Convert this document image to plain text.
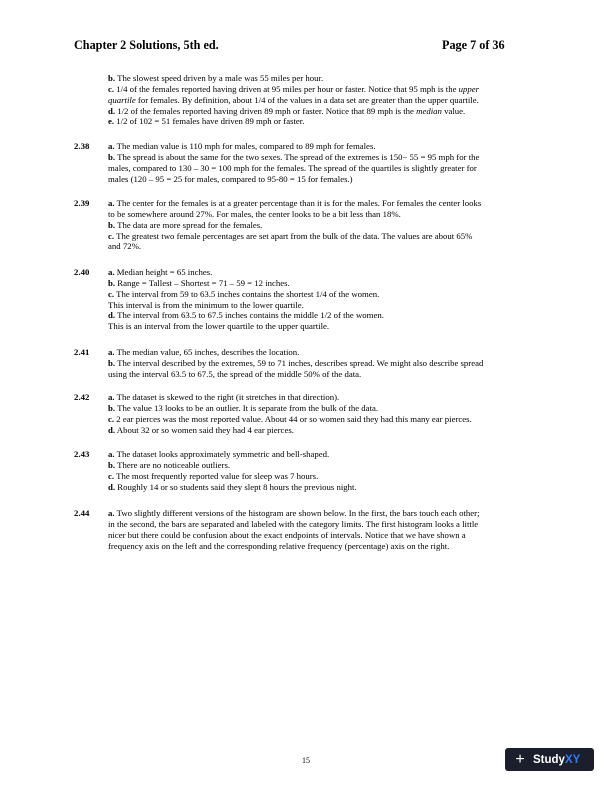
Chapter 2 Solutions, 5th ed.	Page 7 of 36

b. The slowest speed driven by a male was 55 miles per hour.

c. 1/4 of the females reported having driven at 95 miles per hour or faster. Notice that 95 mph is the upper

quartile for females. By definition, about 1/4 of the values in a data set are greater than the upper quartile.

d. 1/2 of the females reported having driven 89 mph or faster. Notice that 89 mph is the median value.

e. 1/2 of 102 = 51 females have driven 89 mph or faster.

2.38	a. The median value is 110 mph for males, compared to 89 mph for females.

b. The spread is about the same for the two sexes. The spread of the extremes is 150− 55 = 95 mph for the

males, compared to 130 – 30 = 100 mph for the females. The spread of the quartiles is slightly greater for

males (120 – 95 = 25 for males, compared to 95-80 = 15 for females.)

2.39	a. The center for the females is at a greater percentage than it is for the males. For females the center looks

to be somewhere around 27%. For males, the center looks to be a bit less than 18%.

b. The data are more spread for the females.

c. The greatest two female percentages are set apart from the bulk of the data. The values are about 65%

and 72%.

2.40	a. Median height = 65 inches.

b. Range = Tallest – Shortest = 71 – 59 = 12 inches.

c. The interval from 59 to 63.5 inches contains the shortest 1/4 of the women.

This interval is from the minimum to the lower quartile.

d. The interval from 63.5 to 67.5 inches contains the middle 1/2 of the women.

This is an interval from the lower quartile to the upper quartile.

2.41	a. The median value, 65 inches, describes the location.

b. The interval described by the extremes, 59 to 71 inches, describes spread. We might also describe spread

using the interval 63.5 to 67.5, the spread of the middle 50% of the data.

2.42	a. The dataset is skewed to the right (it stretches in that direction).

b. The value 13 looks to be an outlier. It is separate from the bulk of the data.

c. 2 ear pierces was the most reported value. About 44 or so women said they had this many ear pierces.

d. About 32 or so women said they had 4 ear pierces.

2.43	a. The dataset looks approximately symmetric and bell-shaped.

b. There are no noticeable outliers.

c. The most frequently reported value for sleep was 7 hours.

d. Roughly 14 or so students said they slept 8 hours the previous night.

2.44	a. Two slightly different versions of the histogram are shown below. In the first, the bars touch each other;

in the second, the bars are separated and labeled with the category limits. The first histogram looks a little

nicer but there could be confusion about the exact endpoints of intervals. Notice that we have shown a

frequency axis on the left and the corresponding relative frequency (percentage) axis on the right.

15	+ StudyXY
